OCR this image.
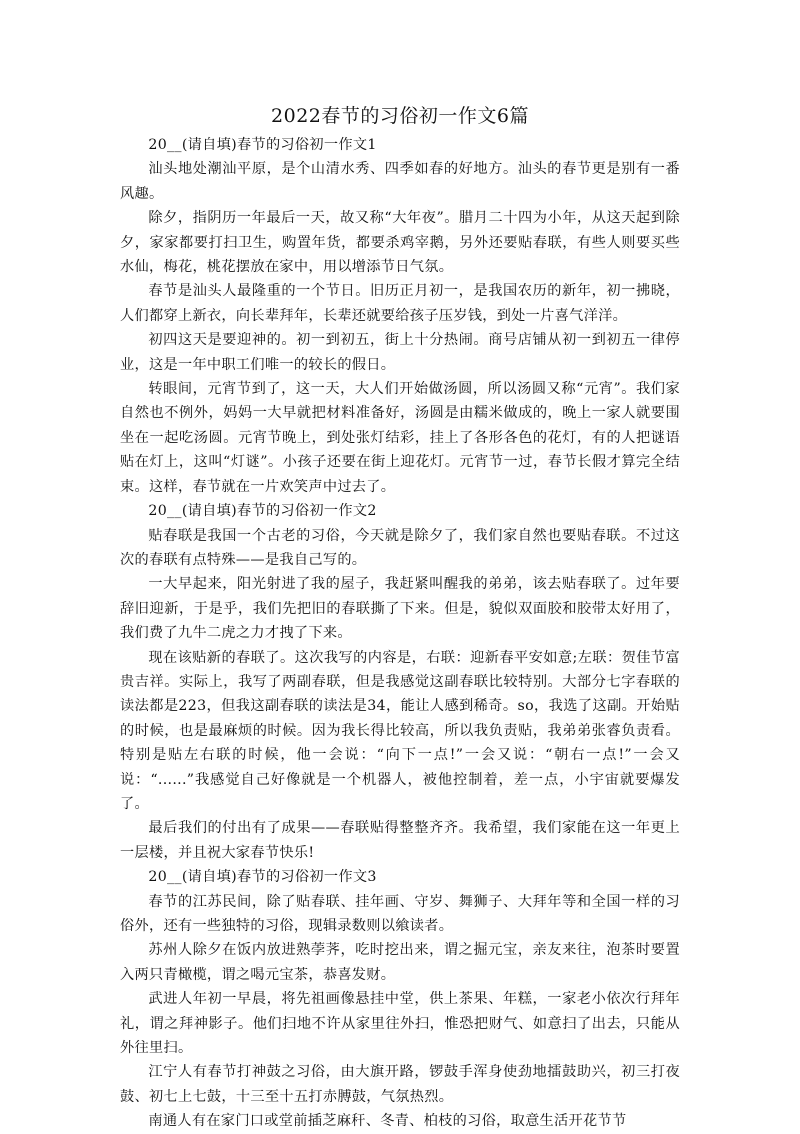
2022春节的习俗初一作文6篇

20__(请自填)春节的习俗初一作文1

汕头地处潮汕平原，是个山清水秀、四季如春的好地方。汕头的春节更是别有一番风趣。

除夕，指阴历一年最后一天，故又称“大年夜”。腊月二十四为小年，从这天起到除夕，家家都要打扫卫生，购置年货，都要杀鸡宰鹅，另外还要贴春联，有些人则要买些水仙，梅花，桃花摆放在家中，用以增添节日气氛。

春节是汕头人最隆重的一个节日。旧历正月初一，是我国农历的新年，初一拂晓，人们都穿上新衣，向长辈拜年，长辈还就要给孩子压岁钱，到处一片喜气洋洋。

初四这天是要迎神的。初一到初五，街上十分热闹。商号店铺从初一到初五一律停业，这是一年中职工们唯一的较长的假日。

转眼间，元宵节到了，这一天，大人们开始做汤圆，所以汤圆又称“元宵”。我们家自然也不例外，妈妈一大早就把材料准备好，汤圆是由糯米做成的，晚上一家人就要围坐在一起吃汤圆。元宵节晚上，到处张灯结彩，挂上了各形各色的花灯，有的人把谜语贴在灯上，这叫“灯谜”。小孩子还要在街上迎花灯。元宵节一过，春节长假才算完全结束。这样，春节就在一片欢笑声中过去了。

20__(请自填)春节的习俗初一作文2

贴春联是我国一个古老的习俗，今天就是除夕了，我们家自然也要贴春联。不过这次的春联有点特殊——是我自己写的。

一大早起来，阳光射进了我的屋子，我赶紧叫醒我的弟弟，该去贴春联了。过年要辞旧迎新，于是乎，我们先把旧的春联撕了下来。但是，貌似双面胶和胶带太好用了，我们费了九牛二虎之力才拽了下来。

现在该贴新的春联了。这次我写的内容是，右联：迎新春平安如意;左联：贺佳节富贵吉祥。实际上，我写了两副春联，但是我感觉这副春联比较特别。大部分七字春联的读法都是223，但我这副春联的读法是34，能让人感到稀奇。so，我选了这副。开始贴的时候，也是最麻烦的时候。因为我长得比较高，所以我负责贴，我弟弟张睿负责看。特别是贴左右联的时候，他一会说：“向下一点!”一会又说：“朝右一点!”一会又说：“......”我感觉自己好像就是一个机器人，被他控制着，差一点，小宇宙就要爆发了。

最后我们的付出有了成果——春联贴得整整齐齐。我希望，我们家能在这一年更上一层楼，并且祝大家春节快乐!

20__(请自填)春节的习俗初一作文3

春节的江苏民间，除了贴春联、挂年画、守岁、舞狮子、大拜年等和全国一样的习俗外，还有一些独特的习俗，现辑录数则以飨读者。

苏州人除夕在饭内放进熟荸荠，吃时挖出来，谓之掘元宝，亲友来往，泡茶时要置入两只青橄榄，谓之喝元宝茶，恭喜发财。

武进人年初一早晨，将先祖画像悬挂中堂，供上茶果、年糕，一家老小依次行拜年礼，谓之拜神影子。他们扫地不许从家里往外扫，惟恐把财气、如意扫了出去，只能从外往里扫。

江宁人有春节打神鼓之习俗，由大旗开路，锣鼓手浑身使劲地擂鼓助兴，初三打夜鼓、初七上七鼓，十三至十五打赤膊鼓，气氛热烈。

南通人有在家门口或堂前插芝麻秆、冬青、柏枝的习俗，取意生活开花节节
